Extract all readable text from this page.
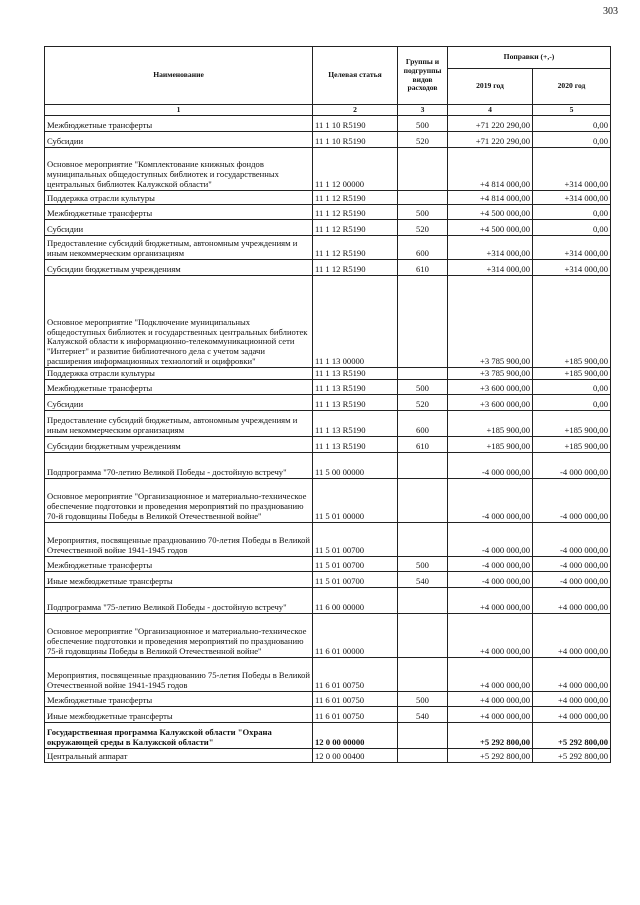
303
Наименование	Целевая статья	Группы и подгруппы видов расходов	Поправки (+,-)	
			2019 год	2020 год
1	2	3	4	5
Межбюджетные трансферты	11 1 10 R5190	500	+71 220 290,00	0,00
Субсидии	11 1 10 R5190	520	+71 220 290,00	0,00
Основное мероприятие "Комплектование книжных фондов муниципальных общедоступных библиотек и государственных центральных библиотек Калужской области"	11 1 12 00000		+4 814 000,00	+314 000,00
Поддержка отрасли культуры	11 1 12 R5190		+4 814 000,00	+314 000,00
Межбюджетные трансферты	11 1 12 R5190	500	+4 500 000,00	0,00
Субсидии	11 1 12 R5190	520	+4 500 000,00	0,00
Предоставление субсидий бюджетным, автономным учреждениям и иным некоммерческим организациям	11 1 12 R5190	600	+314 000,00	+314 000,00
Субсидии бюджетным учреждениям	11 1 12 R5190	610	+314 000,00	+314 000,00
Основное мероприятие "Подключение муниципальных общедоступных библиотек и государственных центральных библиотек Калужской области к информационно-телекоммуникационной сети "Интернет" и развитие библиотечного дела с учетом задачи расширения информационных технологий и оцифровки"	11 1 13 00000		+3 785 900,00	+185 900,00
Поддержка отрасли культуры	11 1 13 R5190		+3 785 900,00	+185 900,00
Межбюджетные трансферты	11 1 13 R5190	500	+3 600 000,00	0,00
Субсидии	11 1 13 R5190	520	+3 600 000,00	0,00
Предоставление субсидий бюджетным, автономным учреждениям и иным некоммерческим организациям	11 1 13 R5190	600	+185 900,00	+185 900,00
Субсидии бюджетным учреждениям	11 1 13 R5190	610	+185 900,00	+185 900,00
Подпрограмма "70-летию Великой Победы - достойную встречу"	11 5 00 00000		-4 000 000,00	-4 000 000,00
Основное мероприятие "Организационное и материально-техническое обеспечение подготовки и проведения мероприятий по празднованию 70-й годовщины Победы в Великой Отечественной войне"	11 5 01 00000		-4 000 000,00	-4 000 000,00
Мероприятия, посвященные празднованию 70-летия Победы в Великой Отечественной войне 1941-1945 годов	11 5 01 00700		-4 000 000,00	-4 000 000,00
Межбюджетные трансферты	11 5 01 00700	500	-4 000 000,00	-4 000 000,00
Иные межбюджетные трансферты	11 5 01 00700	540	-4 000 000,00	-4 000 000,00
Подпрограмма "75-летию Великой Победы - достойную встречу"	11 6 00 00000		+4 000 000,00	+4 000 000,00
Основное мероприятие "Организационное и материально-техническое обеспечение подготовки и проведения мероприятий по празднованию 75-й годовщины Победы в Великой Отечественной войне"	11 6 01 00000		+4 000 000,00	+4 000 000,00
Мероприятия, посвященные празднованию 75-летия Победы в Великой Отечественной войне 1941-1945 годов	11 6 01 00750		+4 000 000,00	+4 000 000,00
Межбюджетные трансферты	11 6 01 00750	500	+4 000 000,00	+4 000 000,00
Иные межбюджетные трансферты	11 6 01 00750	540	+4 000 000,00	+4 000 000,00
Государственная программа Калужской области "Охрана окружающей среды в Калужской области"	12 0 00 00000		+5 292 800,00	+5 292 800,00
Центральный аппарат	12 0 00 00400		+5 292 800,00	+5 292 800,00
